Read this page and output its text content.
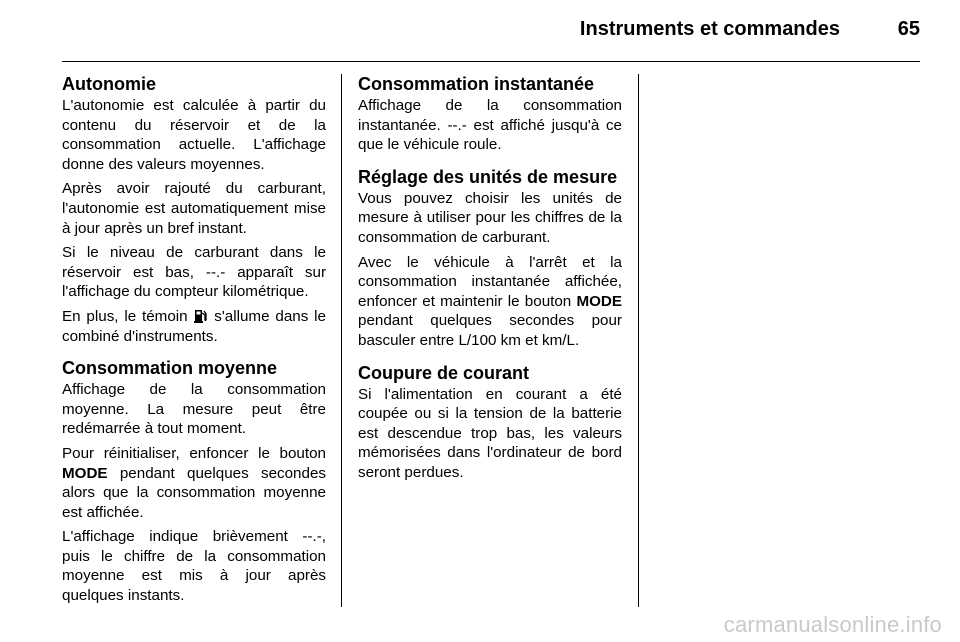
Instruments et commandes	65
Autonomie

L'autonomie est calculée à partir du contenu du réservoir et de la consommation actuelle. L'affichage donne des valeurs moyennes.

Après avoir rajouté du carburant, l'autonomie est automatiquement mise à jour après un bref instant.

Si le niveau de carburant dans le réservoir est bas, --.- apparaît sur l'affichage du compteur kilométrique.

En plus, le témoin  s'allume dans le combiné d'instruments.

Consommation moyenne

Affichage de la consommation moyenne. La mesure peut être redémarrée à tout moment.

Pour réinitialiser, enfoncer le bouton MODE pendant quelques secondes alors que la consommation moyenne est affichée.

L'affichage indique brièvement --.-, puis le chiffre de la consommation moyenne est mis à jour après quelques instants.

Consommation instantanée

Affichage de la consommation instantanée. --.- est affiché jusqu'à ce que le véhicule roule.

Réglage des unités de mesure

Vous pouvez choisir les unités de mesure à utiliser pour les chiffres de la consommation de carburant.

Avec le véhicule à l'arrêt et la consommation instantanée affichée, enfoncer et maintenir le bouton MODE pendant quelques secondes pour basculer entre L/100 km et km/L.

Coupure de courant

Si l'alimentation en courant a été coupée ou si la tension de la batterie est descendue trop bas, les valeurs mémorisées dans l'ordinateur de bord seront perdues.

carmanualsonline.info
